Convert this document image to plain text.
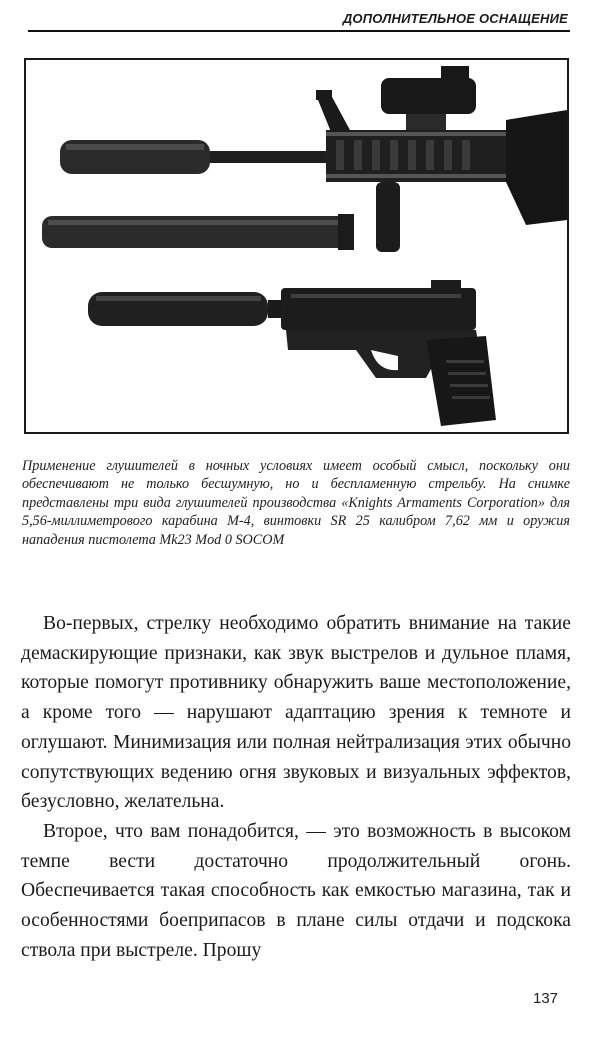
ДОПОЛНИТЕЛЬНОЕ ОСНАЩЕНИЕ
Применение глушителей в ночных условиях имеет особый смысл, поскольку они обеспечивают не только бесшумную, но и беспламенную стрельбу. На снимке представлены три вида глушителей производства «Knights Armaments Corporation» для 5,56-миллиметрового карабина М-4, винтовки SR 25 калибром 7,62 мм и оружия нападения пистолета Mk23 Mod 0 SOCOM

Во-первых, стрелку необходимо обратить внимание на такие демаскирующие признаки, как звук выстрелов и дульное пламя, которые помогут противнику обнаружить ваше местоположение, а кроме того — нарушают адаптацию зрения к темноте и оглушают. Минимизация или полная нейтрализация этих обычно сопутствующих ведению огня звуковых и визуальных эффектов, безусловно, желательна.

Второе, что вам понадобится, — это возможность в высоком темпе вести достаточно продолжительный огонь. Обеспечивается такая способность как емкостью магазина, так и особенностями боеприпасов в плане силы отдачи и подскока ствола при выстреле. Прошу

137
